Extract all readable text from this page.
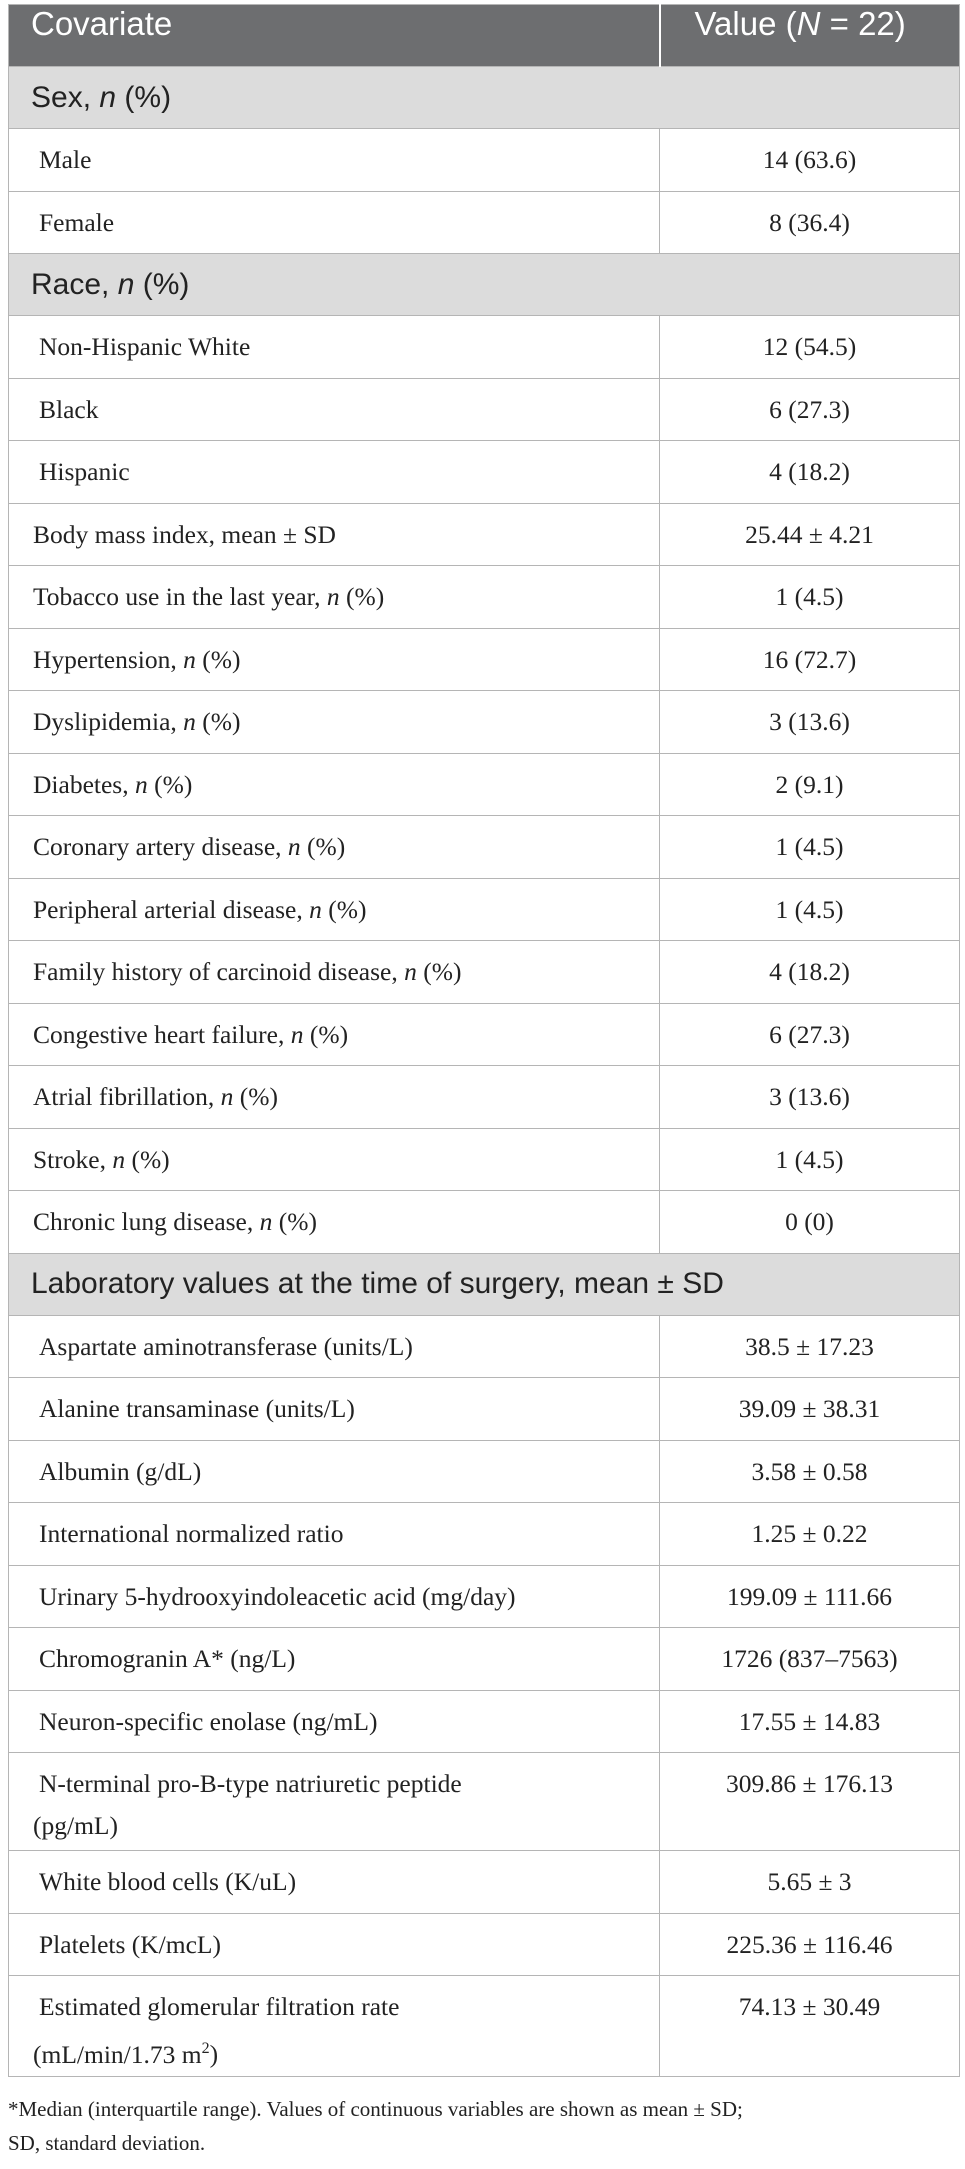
Covariate	Value (N = 22)
Sex, n (%)	
Male	14 (63.6)
Female	8 (36.4)
Race, n (%)	
Non-Hispanic White	12 (54.5)
Black	6 (27.3)
Hispanic	4 (18.2)
Body mass index, mean ± SD	25.44 ± 4.21
Tobacco use in the last year, n (%)	1 (4.5)
Hypertension, n (%)	16 (72.7)
Dyslipidemia, n (%)	3 (13.6)
Diabetes, n (%)	2 (9.1)
Coronary artery disease, n (%)	1 (4.5)
Peripheral arterial disease, n (%)	1 (4.5)
Family history of carcinoid disease, n (%)	4 (18.2)
Congestive heart failure, n (%)	6 (27.3)
Atrial fibrillation, n (%)	3 (13.6)
Stroke, n (%)	1 (4.5)
Chronic lung disease, n (%)	0 (0)
Laboratory values at the time of surgery, mean ± SD	
Aspartate aminotransferase (units/L)	38.5 ± 17.23
Alanine transaminase (units/L)	39.09 ± 38.31
Albumin (g/dL)	3.58 ± 0.58
International normalized ratio	1.25 ± 0.22
Urinary 5-hydrooxyindoleacetic acid (mg/day)	199.09 ± 111.66
Chromogranin A* (ng/L)	1726 (837–7563)
Neuron-specific enolase (ng/mL)	17.55 ± 14.83
N-terminal pro-B-type natriuretic peptide
(pg/mL)	309.86 ± 176.13
White blood cells (K/uL)	5.65 ± 3
Platelets (K/mcL)	225.36 ± 116.46
Estimated glomerular filtration rate
(mL/min/1.73 $m^2$)	74.13 ± 30.49
*Median (interquartile range). Values of continuous variables are shown as mean ± SD;
SD, standard deviation.
